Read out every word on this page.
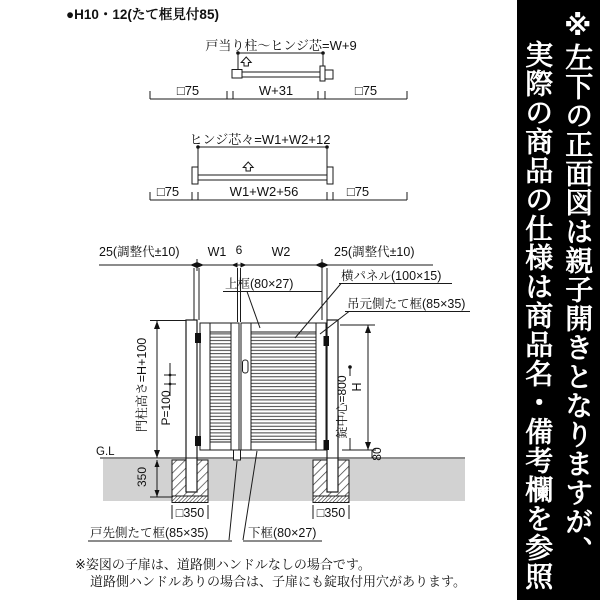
●H10・12(たて框見付85)
戸当り柱〜ヒンジ芯=W+9
□75	W+31	□75
ヒンジ芯々=W1+W2+12
□75	W1+W2+56	□75
25(調整代±10) W1 6 W2	25(調整代±10)
上框(80×27)
横パネル(100×15)
吊元側たて框(85×35)
門柱高さ=H+100 P=100
350
G.L
錠中心=800 H
80
□350	□350
戸先側たて框(85×35)	下框(80×27)
※姿図の子扉は、道路側ハンドルなしの場合です。
道路側ハンドルありの場合は、子扉にも錠取付用穴があります。
※左下の正面図は親子開きとなりますが、
実際の商品の仕様は商品名・備考欄を参照
